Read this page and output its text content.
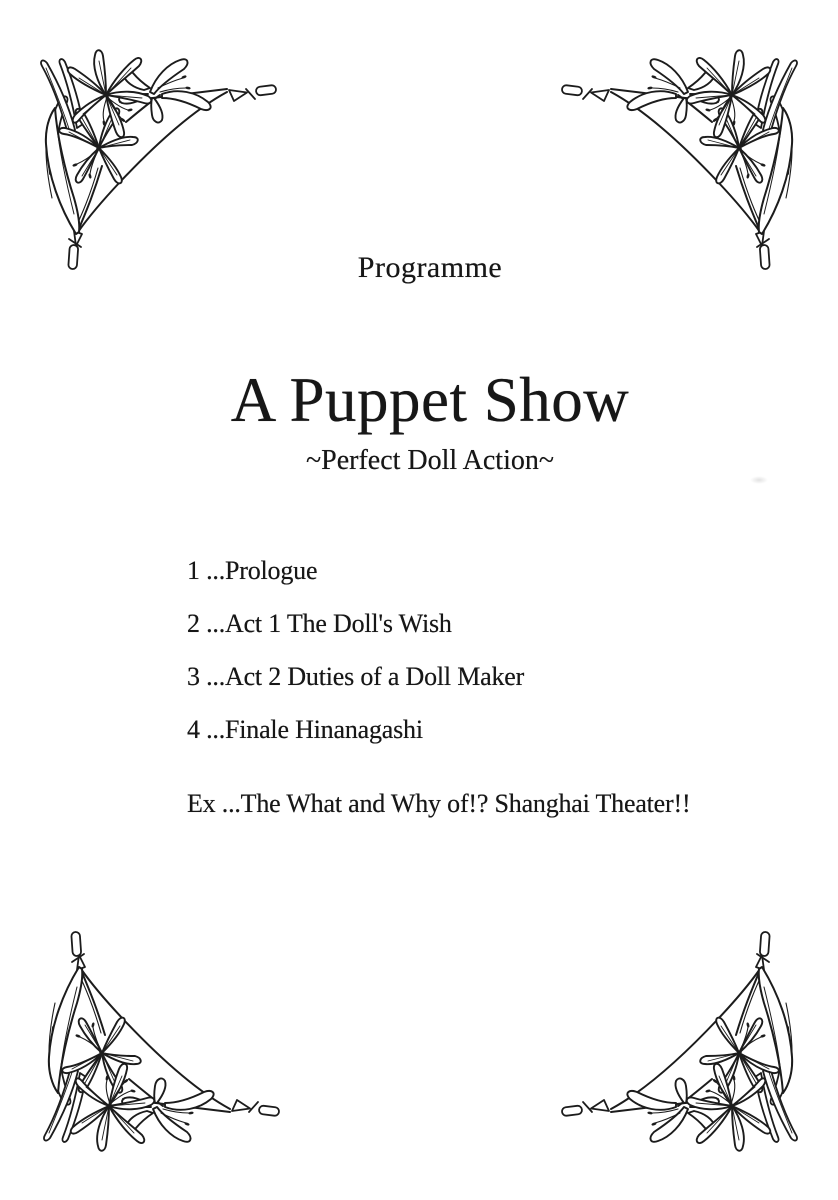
Programme
A Puppet Show
~Perfect Doll Action~
1 ...Prologue
2 ...Act 1 The Doll's Wish
3 ...Act 2 Duties of a Doll Maker
4 ...Finale Hinanagashi
Ex ...The What and Why of!? Shanghai Theater!!
